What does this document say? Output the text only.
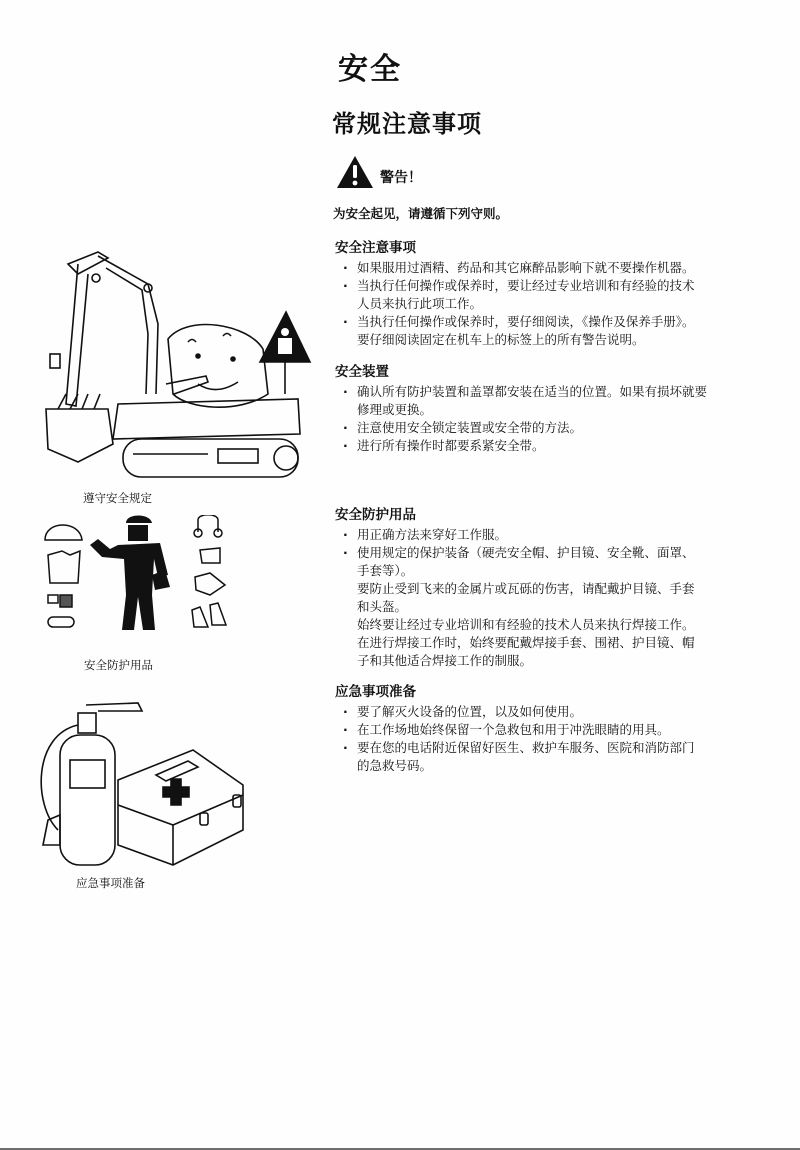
安全
常规注意事项
警告！
为安全起见，请遵循下列守则。
安全注意事项
· 如果服用过酒精、药品和其它麻醉品影响下就不要操作机器。
· 当执行任何操作或保养时，要让经过专业培训和有经验的技术
人员来执行此项工作。
· 当执行任何操作或保养时，要仔细阅读，《操作及保养手册》。
要仔细阅读固定在机车上的标签上的所有警告说明。
安全装置
· 确认所有防护装置和盖罩都安装在适当的位置。如果有损坏就要
修理或更换。
· 注意使用安全锁定装置或安全带的方法。
· 进行所有操作时都要系紧安全带。
安全防护用品
· 用正确方法来穿好工作服。
· 使用规定的保护装备（硬壳安全帽、护目镜、安全靴、面罩、
手套等）。
要防止受到飞来的金属片或瓦砾的伤害，请配戴护目镜、手套
和头盔。
始终要让经过专业培训和有经验的技术人员来执行焊接工作。
在进行焊接工作时，始终要配戴焊接手套、围裙、护目镜、帽
子和其他适合焊接工作的制服。
应急事项准备
· 要了解灭火设备的位置，以及如何使用。
· 在工作场地始终保留一个急救包和用于冲洗眼睛的用具。
· 要在您的电话附近保留好医生、救护车服务、医院和消防部门
的急救号码。
遵守安全规定
安全防护用品
应急事项准备
